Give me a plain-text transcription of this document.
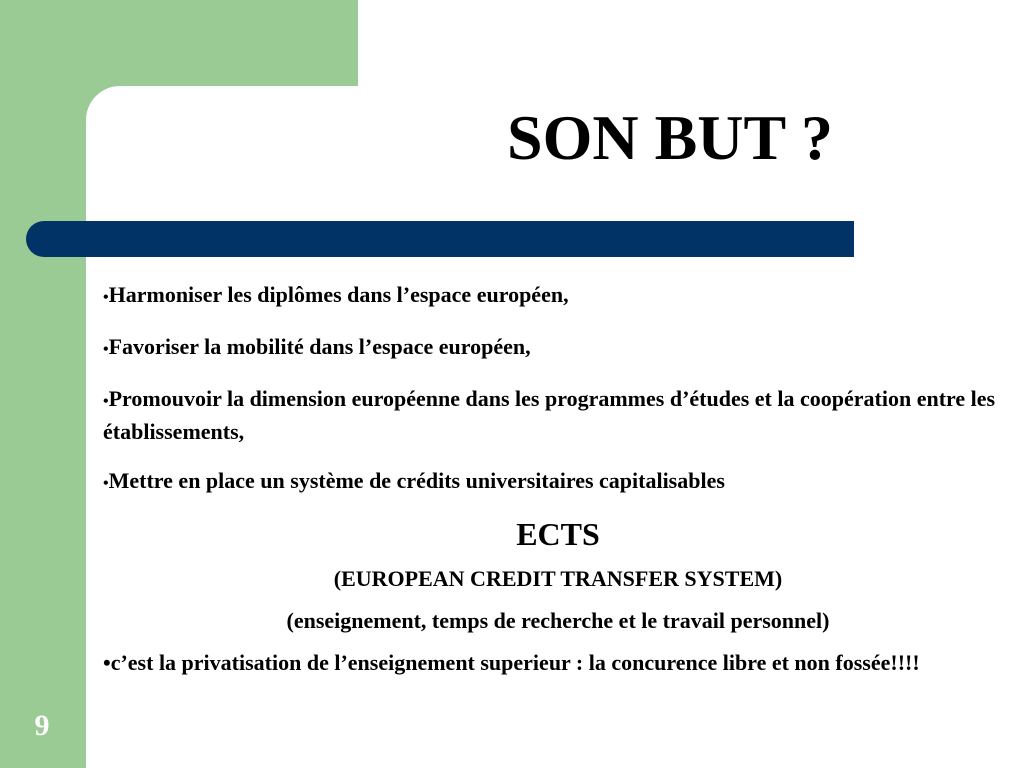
SON BUT ?
9
•Harmoniser les diplômes dans l’espace européen,
•Favoriser la mobilité dans l’espace européen,
•Promouvoir la dimension européenne dans les programmes d’études et la coopération entre les établissements,
•Mettre en place un système de crédits universitaires capitalisables
ECTS
(EUROPEAN CREDIT TRANSFER SYSTEM)
(enseignement, temps de recherche et le travail personnel)
•c’est la privatisation de l’enseignement superieur : la concurence libre et non fossée!!!!
